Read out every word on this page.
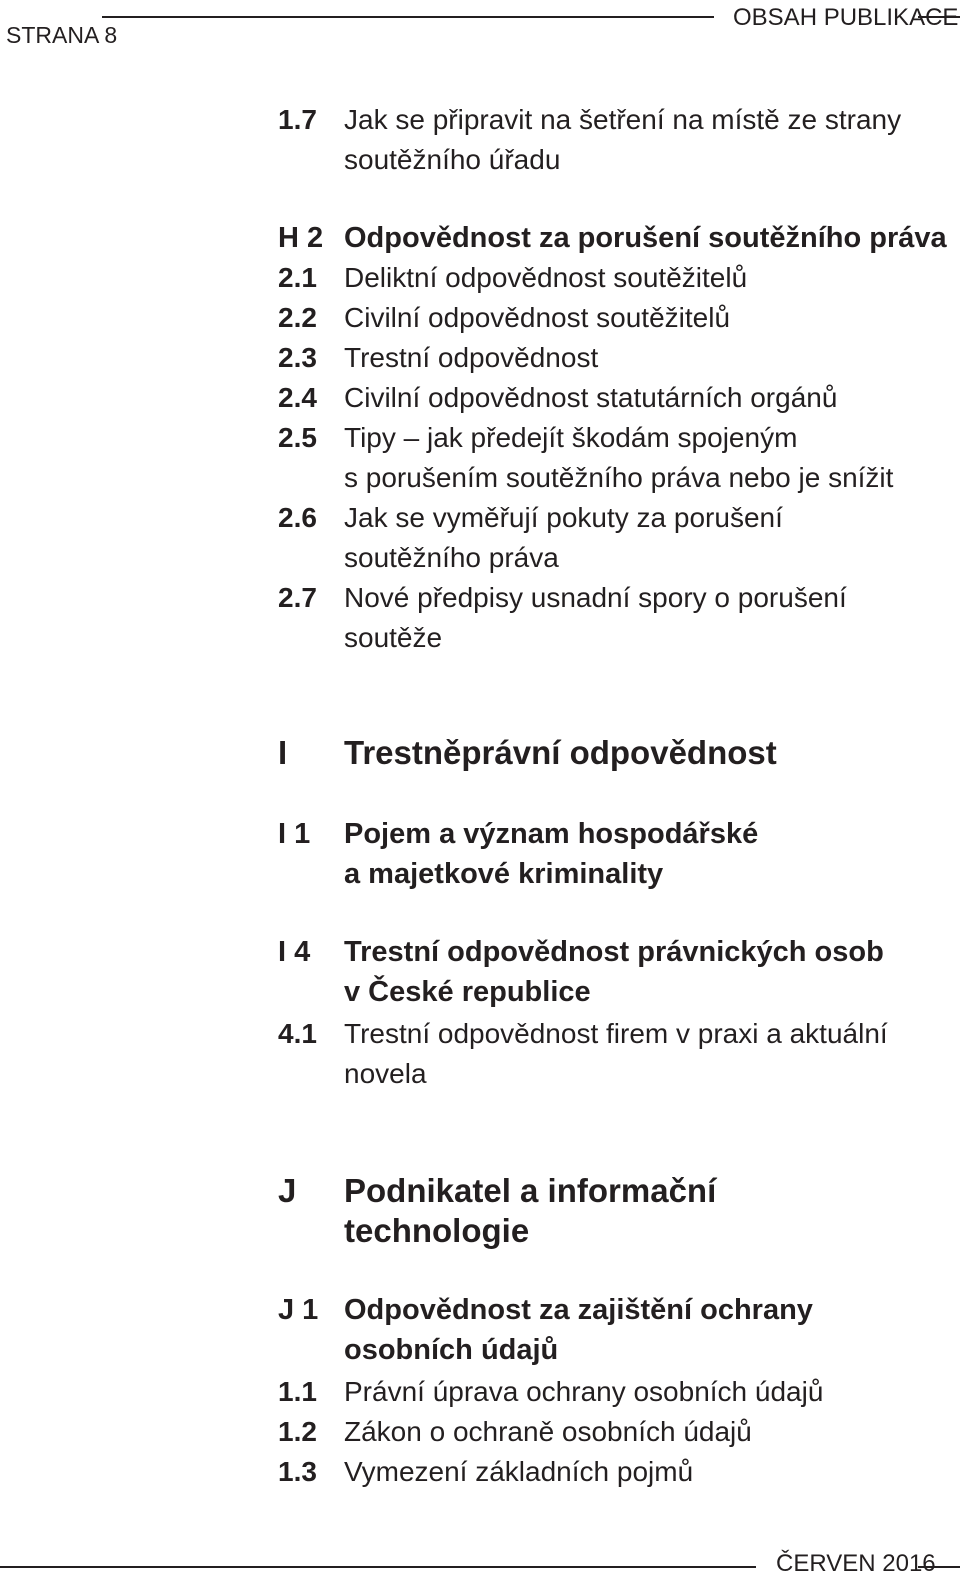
STRANA 8
OBSAH PUBLIKACE
1.7 Jak se připravit na šetření na místě ze strany
soutěžního úřadu
H 2 Odpovědnost za porušení soutěžního práva
2.1 Deliktní odpovědnost soutěžitelů
2.2 Civilní odpovědnost soutěžitelů
2.3 Trestní odpovědnost
2.4 Civilní odpovědnost statutárních orgánů
2.5 Tipy – jak předejít škodám spojeným
s porušením soutěžního práva nebo je snížit
2.6 Jak se vyměřují pokuty za porušení
soutěžního práva
2.7 Nové předpisy usnadní spory o porušení
soutěže
I Trestněprávní odpovědnost
I 1 Pojem a význam hospodářské
a majetkové kriminality
I 4 Trestní odpovědnost právnických osob
v České republice
4.1 Trestní odpovědnost firem v praxi a aktuální
novela
J Podnikatel a informační
technologie
J 1 Odpovědnost za zajištění ochrany
osobních údajů
1.1 Právní úprava ochrany osobních údajů
1.2 Zákon o ochraně osobních údajů
1.3 Vymezení základních pojmů
ČERVEN 2016
